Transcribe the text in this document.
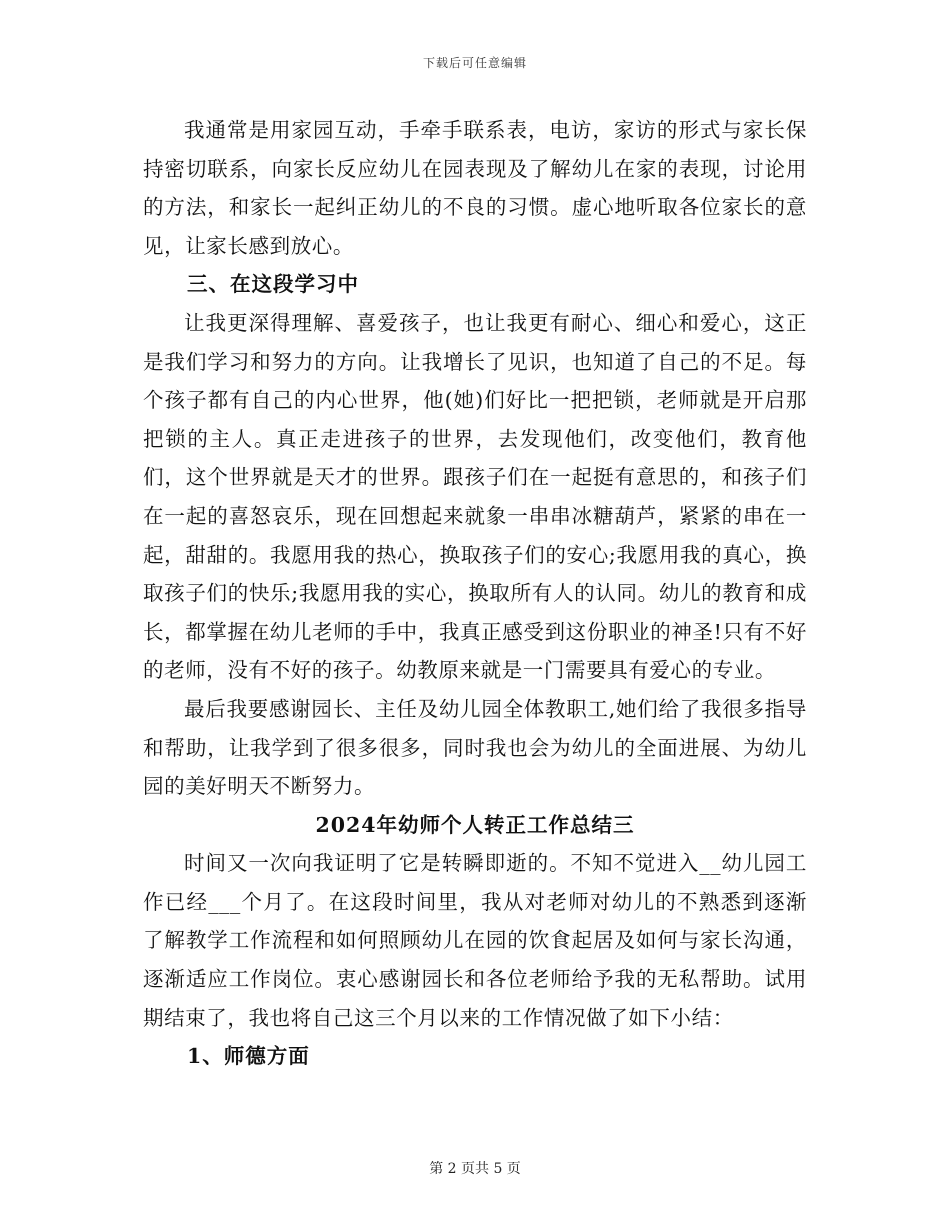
下载后可任意编辑

我通常是用家园互动，手牵手联系表，电访，家访的形式与家长保持密切联系，向家长反应幼儿在园表现及了解幼儿在家的表现，讨论用的方法，和家长一起纠正幼儿的不良的习惯。虚心地听取各位家长的意见，让家长感到放心。

三、在这段学习中

让我更深得理解、喜爱孩子，也让我更有耐心、细心和爱心，这正是我们学习和努力的方向。让我增长了见识，也知道了自己的不足。每个孩子都有自己的内心世界，他(她)们好比一把把锁，老师就是开启那把锁的主人。真正走进孩子的世界，去发现他们，改变他们，教育他们，这个世界就是天才的世界。跟孩子们在一起挺有意思的，和孩子们在一起的喜怒哀乐，现在回想起来就象一串串冰糖葫芦，紧紧的串在一起，甜甜的。我愿用我的热心，换取孩子们的安心;我愿用我的真心，换取孩子们的快乐;我愿用我的实心，换取所有人的认同。幼儿的教育和成长，都掌握在幼儿老师的手中，我真正感受到这份职业的神圣!只有不好的老师，没有不好的孩子。幼教原来就是一门需要具有爱心的专业。

最后我要感谢园长、主任及幼儿园全体教职工,她们给了我很多指导和帮助，让我学到了很多很多，同时我也会为幼儿的全面进展、为幼儿园的美好明天不断努力。

2024年幼师个人转正工作总结三

时间又一次向我证明了它是转瞬即逝的。不知不觉进入__幼儿园工作已经___个月了。在这段时间里，我从对老师对幼儿的不熟悉到逐渐了解教学工作流程和如何照顾幼儿在园的饮食起居及如何与家长沟通，逐渐适应工作岗位。衷心感谢园长和各位老师给予我的无私帮助。试用期结束了，我也将自己这三个月以来的工作情况做了如下小结：

1、师德方面

第 2 页共 5 页
